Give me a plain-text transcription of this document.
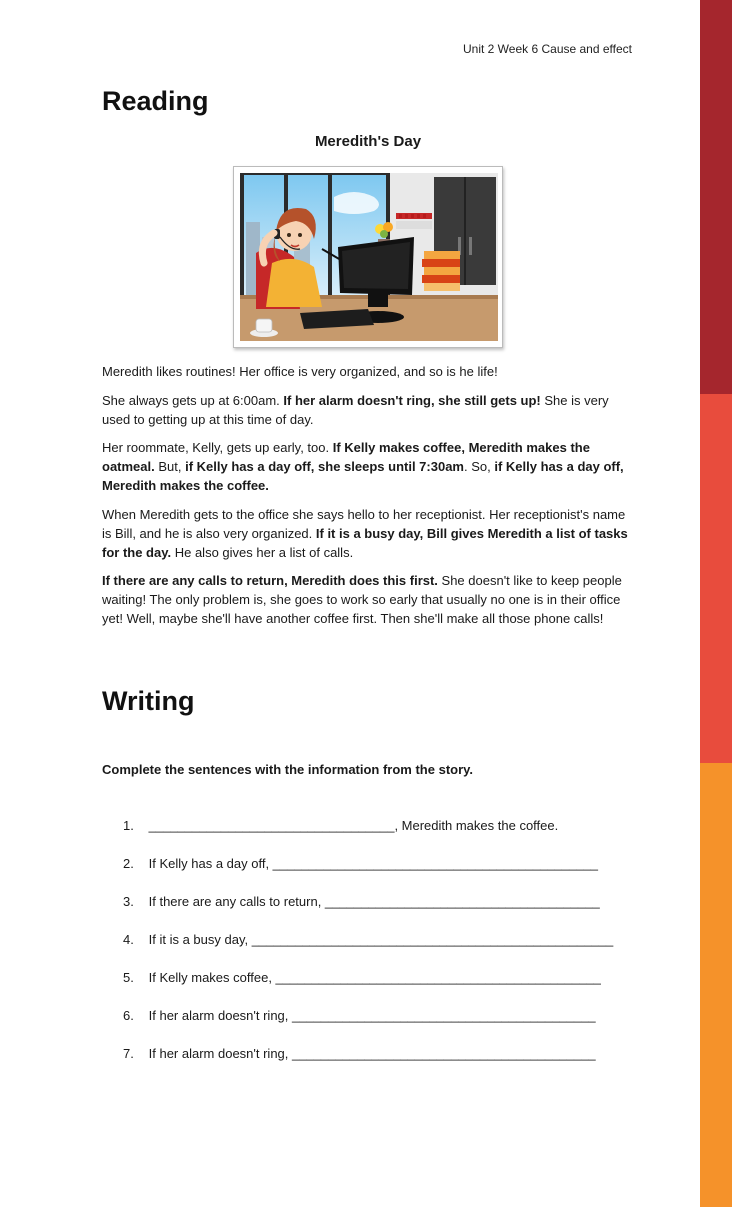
Unit 2 Week 6 Cause and effect
Reading
Meredith's Day
Meredith likes routines! Her office is very organized, and so is he life!
She always gets up at 6:00am. If her alarm doesn't ring, she still gets up! She is very used to getting up at this time of day.
Her roommate, Kelly, gets up early, too. If Kelly makes coffee, Meredith makes the oatmeal. But, if Kelly has a day off, she sleeps until 7:30am. So, if Kelly has a day off, Meredith makes the coffee.
When Meredith gets to the office she says hello to her receptionist. Her receptionist's name is Bill, and he is also very organized. If it is a busy day, Bill gives Meredith a list of tasks for the day. He also gives her a list of calls.
If there are any calls to return, Meredith does this first. She doesn't like to keep people waiting! The only problem is, she goes to work so early that usually no one is in their office yet! Well, maybe she'll have another coffee first. Then she'll make all those phone calls!
Writing
Complete the sentences with the information from the story.
1. __________________________________, Meredith makes the coffee.
2. If Kelly has a day off, _____________________________________________
3. If there are any calls to return, ______________________________________
4. If it is a busy day, __________________________________________________
5. If Kelly makes coffee, _____________________________________________
6. If her alarm doesn't ring, __________________________________________
7. If her alarm doesn't ring, __________________________________________
